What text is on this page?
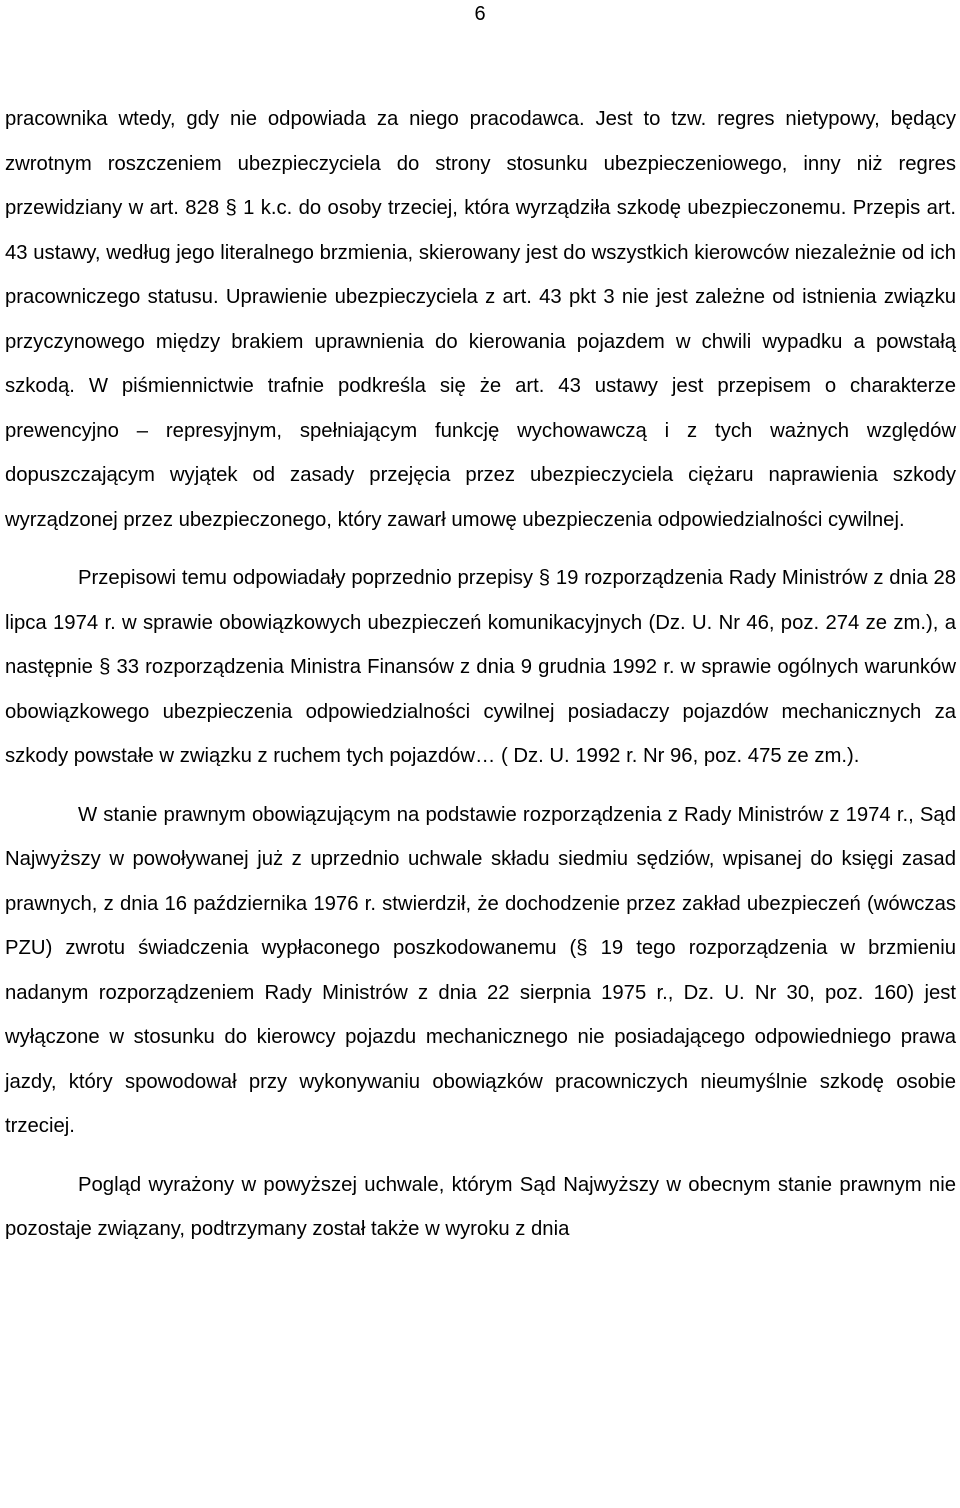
6

pracownika wtedy, gdy nie odpowiada za niego pracodawca. Jest to tzw. regres nietypowy, będący zwrotnym roszczeniem ubezpieczyciela do strony stosunku ubezpieczeniowego, inny niż regres przewidziany w art. 828 § 1 k.c. do osoby trzeciej, która wyrządziła szkodę ubezpieczonemu. Przepis art. 43 ustawy, według jego literalnego brzmienia, skierowany jest do wszystkich kierowców niezależnie od ich pracowniczego statusu. Uprawienie ubezpieczyciela z art. 43 pkt 3 nie jest zależne od istnienia związku przyczynowego między brakiem uprawnienia do kierowania pojazdem w chwili wypadku a powstałą szkodą. W piśmiennictwie trafnie podkreśla się że art. 43 ustawy jest przepisem o charakterze prewencyjno – represyjnym, spełniającym funkcję wychowawczą i z tych ważnych względów dopuszczającym wyjątek od zasady przejęcia przez ubezpieczyciela ciężaru naprawienia szkody wyrządzonej przez ubezpieczonego, który zawarł umowę ubezpieczenia odpowiedzialności cywilnej.

Przepisowi temu odpowiadały poprzednio przepisy § 19 rozporządzenia Rady Ministrów z dnia 28 lipca 1974 r. w sprawie obowiązkowych ubezpieczeń komunikacyjnych (Dz. U. Nr 46, poz. 274 ze zm.), a następnie § 33 rozporządzenia Ministra Finansów z dnia 9 grudnia 1992 r. w sprawie ogólnych warunków obowiązkowego ubezpieczenia odpowiedzialności cywilnej posiadaczy pojazdów mechanicznych za szkody powstałe w związku z ruchem tych pojazdów… ( Dz. U. 1992 r. Nr 96, poz. 475 ze zm.).

W stanie prawnym obowiązującym na podstawie rozporządzenia z Rady Ministrów z 1974 r., Sąd Najwyższy w powoływanej już z uprzednio uchwale składu siedmiu sędziów, wpisanej do księgi zasad prawnych, z dnia 16 października 1976 r. stwierdził, że dochodzenie przez zakład ubezpieczeń (wówczas PZU) zwrotu świadczenia wypłaconego poszkodowanemu (§ 19 tego rozporządzenia w brzmieniu nadanym rozporządzeniem Rady Ministrów z dnia 22 sierpnia 1975 r., Dz. U. Nr 30, poz. 160) jest wyłączone w stosunku do kierowcy pojazdu mechanicznego nie posiadającego odpowiedniego prawa jazdy, który spowodował przy wykonywaniu obowiązków pracowniczych nieumyślnie szkodę osobie trzeciej.

Pogląd wyrażony w powyższej uchwale, którym Sąd Najwyższy w obecnym stanie prawnym nie pozostaje związany, podtrzymany został także w wyroku z dnia
